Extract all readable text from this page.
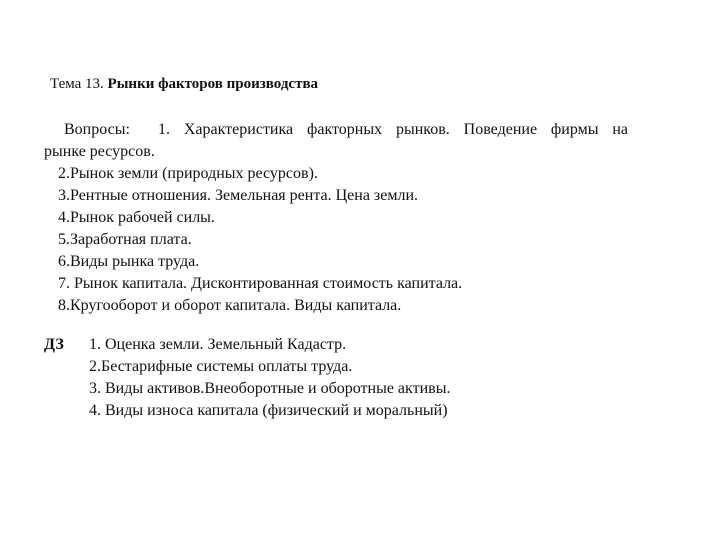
Тема 13. Рынки факторов производства
Вопросы: 1. Характеристика факторных рынков. Поведение фирмы на
рынке ресурсов.
2.Рынок земли (природных ресурсов).
3.Рентные отношения. Земельная рента. Цена земли.
4.Рынок рабочей силы.
5.Заработная плата.
6.Виды рынка труда.
7. Рынок капитала. Дисконтированная стоимость капитала.
8.Кругооборот и оборот капитала. Виды капитала.
ДЗ 1. Оценка земли. Земельный Кадастр.
2.Бестарифные системы оплаты труда.
3. Виды активов.Внеоборотные и оборотные активы.
4. Виды износа капитала (физический и моральный)
